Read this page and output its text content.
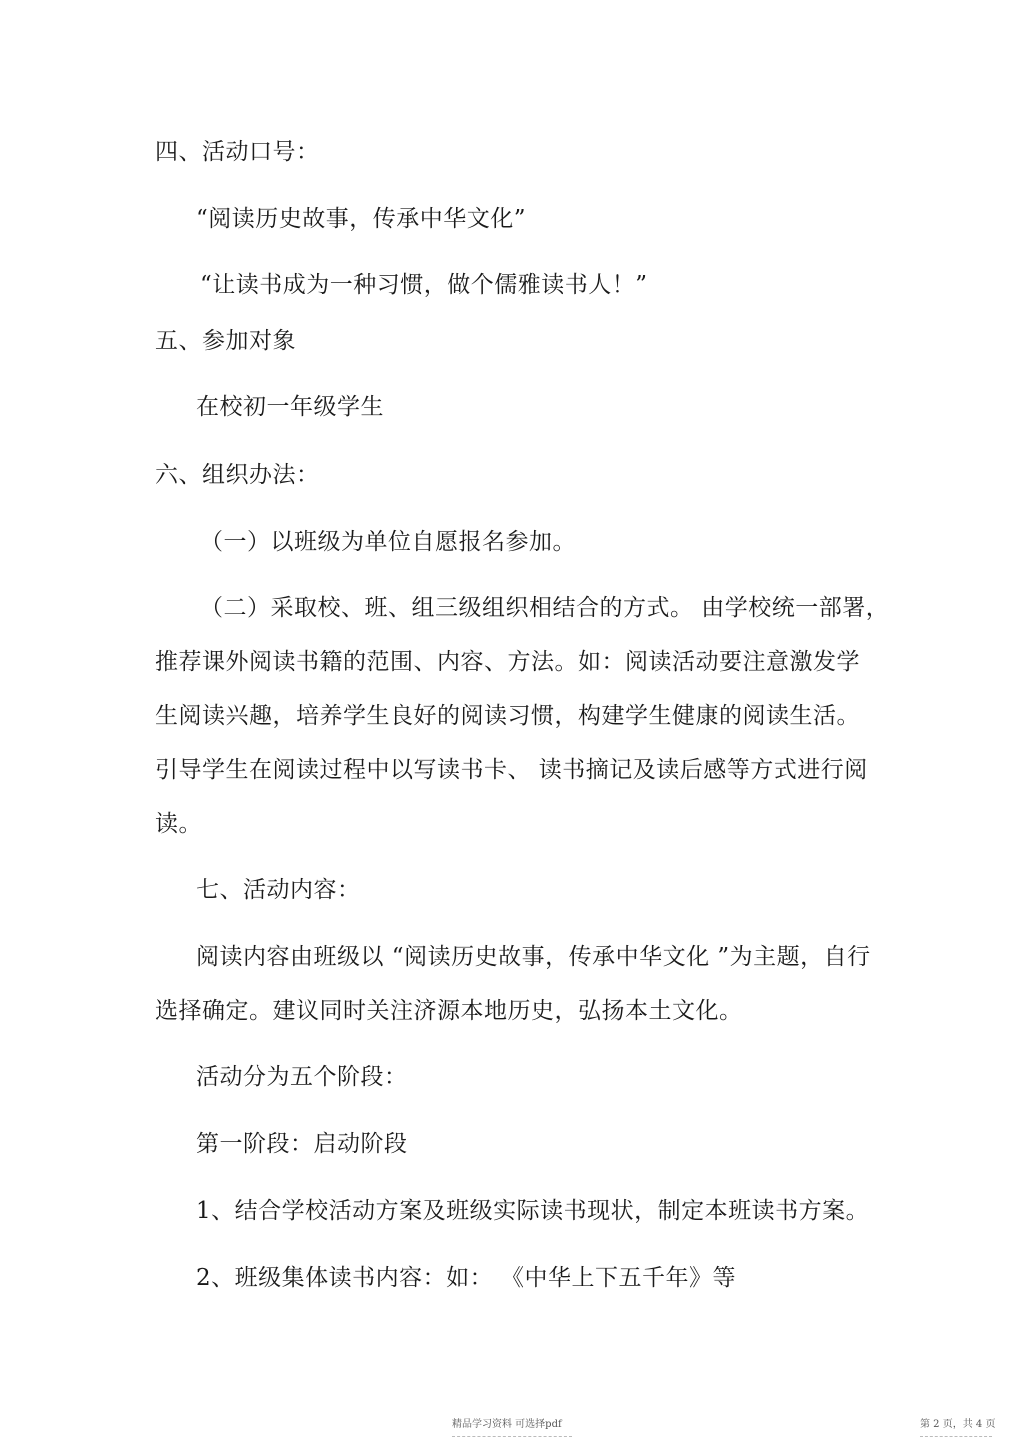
四、活动口号：
“阅读历史故事，传承中华文化”
“让读书成为一种习惯，做个儒雅读书人！”
五、参加对象
在校初一年级学生
六、组织办法：
（一）以班级为单位自愿报名参加。
（二）采取校、班、组三级组织相结合的方式。 由学校统一部署，
推荐课外阅读书籍的范围、内容、方法。如：阅读活动要注意激发学
生阅读兴趣，培养学生良好的阅读习惯，构建学生健康的阅读生活。
引导学生在阅读过程中以写读书卡、 读书摘记及读后感等方式进行阅
读。
七、活动内容：
阅读内容由班级以 “阅读历史故事，传承中华文化 ”为主题，自行
选择确定。建议同时关注济源本地历史，弘扬本土文化。
活动分为五个阶段：
第一阶段：启动阶段
1、结合学校活动方案及班级实际读书现状，制定本班读书方案。
2、班级集体读书内容：如： 《中华上下五千年》等
精品学习资料 可选择pdf	第 2 页，共 4 页
